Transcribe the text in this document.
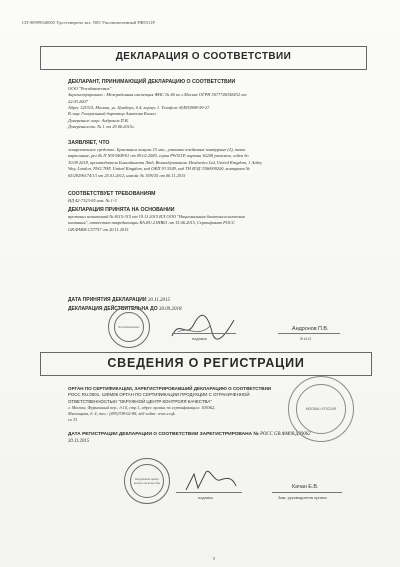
СП-90999940005 Удостоверено экз. N05 Уполномоченный РФ8311Р
ДЕКЛАРАЦИЯ О СООТВЕТСТВИИ
ДЕКЛАРАНТ, ПРИНИМАЮЩИЙ ДЕКЛАРАЦИЮ О СООТВЕТСТВИИ
ООО "Ротабакиттинс"
Зарегистрировано : Межрайонная инспекция ФНС № 46 по г.Москве ОГРН 5077746358432 от
22.03.2007
Адрес 125315, Москва, ул. Цандера, д.4, корпус 1. Телефон: 8(495)988-59-27.
В лице Генеральный директор Аматова Камол
Доверенное лицо: Андронов П.В.
Доверенность: № 1 от 29.06.2015г.
ЗАЯВЛЯЕТ, ЧТО
лекарственное средство: Бристанол канулы 15 мкг., упаковки ячейковые контурные (2), пачки
картонные, рег.№ П N015408/01 от 09.02.2009, серия PW511P, партия 16240 упаковок, годен до
30.09.2018, производитель Бинсайнинти Лтд, Великобритания. Healnetics Ltd, United Kingdom, 1 Агдеу
Way, London, NW2 7HF, United Kingdom, код ОКП 93 5549, код ТН ВЭД 3306909200, контракт №
65/29296174/13 от 25.01.2012, инвойс № 359155 от 06.11.2015
СООТВЕТСТВУЕТ ТРЕБОВАНИЯМ
НД 42-7323-05 изм. № 1-3
ДЕКЛАРАЦИЯ ПРИНЯТА НА ОСНОВАНИИ
протокол испытаний № 8115-315 от 19.11.2015 ИЛ ООО "Национальная биотехнологическая
компания", аттестат аккредитации RA.RU.21НВ01 от 15.06.2015, Сертификат РОСС
GB.ФМ08.С57757 от 20.11.2015
ДАТА ПРИНЯТИЯ ДЕКЛАРАЦИИ 20.11.2015
ДЕКЛАРАЦИЯ ДЕЙСТВИТЕЛЬНА ДО 30.09.2018
Ротабакиттинс
подпись
Андронов П.В.
Ф.И.О
СВЕДЕНИЯ О РЕГИСТРАЦИИ
ОРГАН ПО СЕРТИФИКАЦИИ, ЗАРЕГИСТРИРОВАВШИЙ ДЕКЛАРАЦИЮ О СООТВЕТСТВИИ
РОСС RU.0001. 11ФМ08 ОРГАН ПО СЕРТИФИКАЦИИ ПРОДУКЦИИ С ОГРАНИЧЕННОЙ
ОТВЕТСТВЕННОСТЬЮ "ОКРУЖНОЙ ЦЕНТР КОНТРОЛЯ КАЧЕСТВА"
г. Москва, Фурманный пер., д.10, стр.1, адрес органа по сертификации: 105062,
Мясницкая, д. 4, тел.: (495)708-02-88, веб-сайт: www.ccqk.
ru 33
ДАТА РЕГИСТРАЦИИ ДЕКЛАРАЦИИ О СООТВЕТСТВИИ ЗАРЕГИСТРИРОВАНА № РОСС GB.ФМ08.Д99062
20.11.2015
МОСКВА • РОССИЯ
Окружной центр контроля качества
подпись
Качан Е.В.
Зам. руководителя органа
8
